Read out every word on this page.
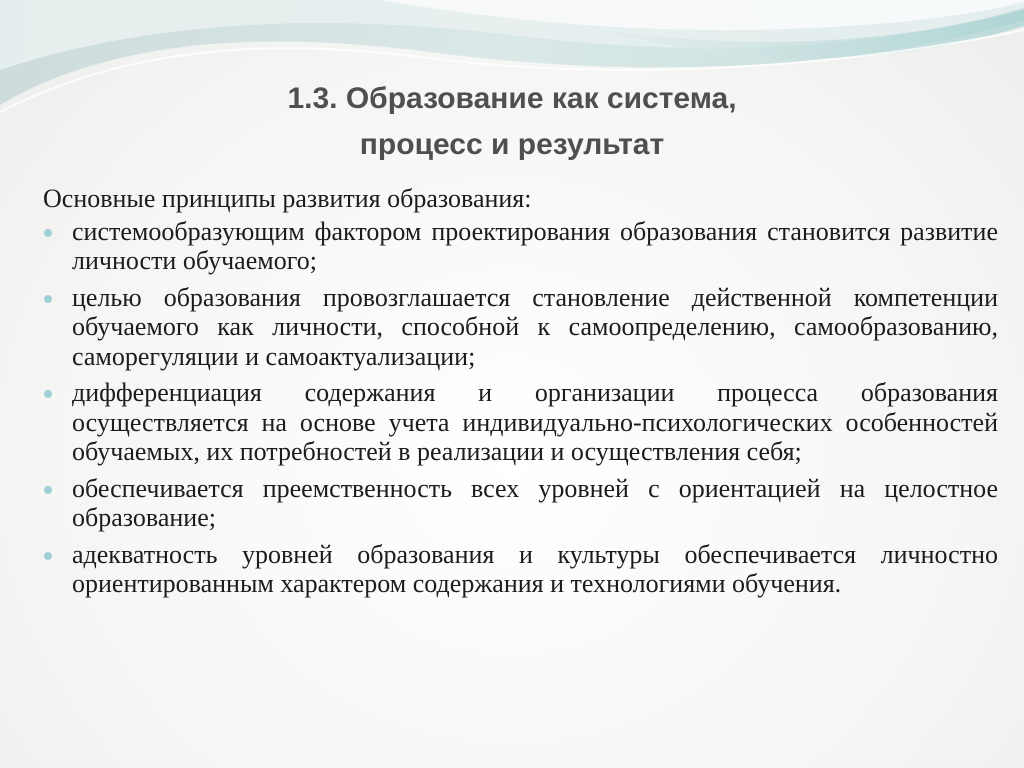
1.3. Образование как система,
процесс и результат

Основные принципы развития образования:

системообразующим фактором проектирования образования становится развитие личности обучаемого;
целью образования провозглашается становление действенной компетенции обучаемого как личности, способной к самоопределению, самообразованию, саморегуляции и самоактуализации;
дифференциация содержания и организации процесса образования осуществляется на основе учета индивидуально-психологических особенностей обучаемых, их потребностей в реализации и осуществления себя;
обеспечивается преемственность всех уровней с ориентацией на целостное образование;
адекватность уровней образования и культуры обеспечивается личностно ориентированным характером содержания и технологиями обучения.
